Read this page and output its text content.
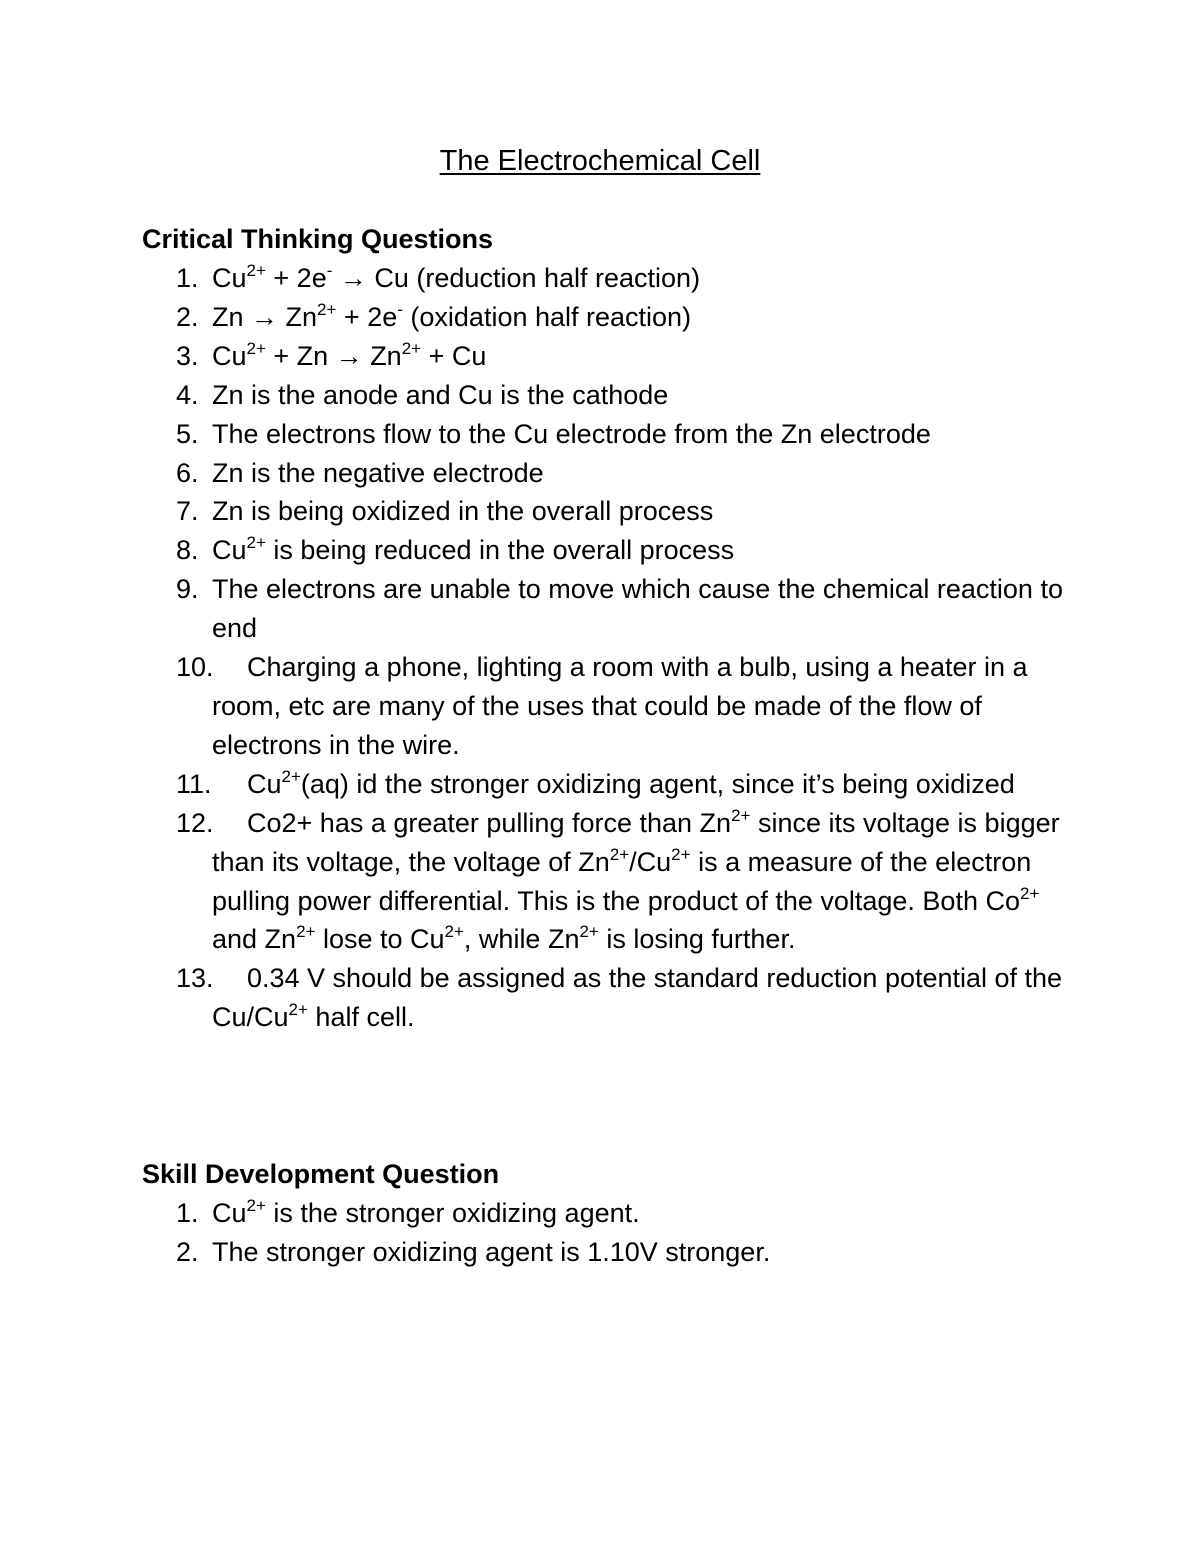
The Electrochemical Cell
Critical Thinking Questions
1. $Cu^{2+} + 2e^- \to Cu$ (reduction half reaction)
2. $Zn \to Zn^{2+} + 2e^-$ (oxidation half reaction)
3. $Cu^{2+} + Zn \to Zn^{2+} + Cu$
4. Zn is the anode and Cu is the cathode
5. The electrons flow to the Cu electrode from the Zn electrode
6. Zn is the negative electrode
7. Zn is being oxidized in the overall process
8. $Cu^{2+}$ is being reduced in the overall process
9. The electrons are unable to move which cause the chemical reaction to end
10. Charging a phone, lighting a room with a bulb, using a heater in a room, etc are many of the uses that could be made of the flow of electrons in the wire.
11. $Cu^{2+}(aq)$ id the stronger oxidizing agent, since it’s being oxidized
12. Co2+ has a greater pulling force than $Zn^{2+}$ since its voltage is bigger than its voltage, the voltage of $Zn^{2+}/Cu^{2+}$ is a measure of the electron pulling power differential. This is the product of the voltage. Both $Co^{2+}$ and $Zn^{2+}$ lose to $Cu^{2+}$, while $Zn^{2+}$ is losing further.
13. 0.34 V should be assigned as the standard reduction potential of the $Cu/Cu^{2+}$ half cell.
Skill Development Question
1. $Cu^{2+}$ is the stronger oxidizing agent.
2. The stronger oxidizing agent is 1.10V stronger.
